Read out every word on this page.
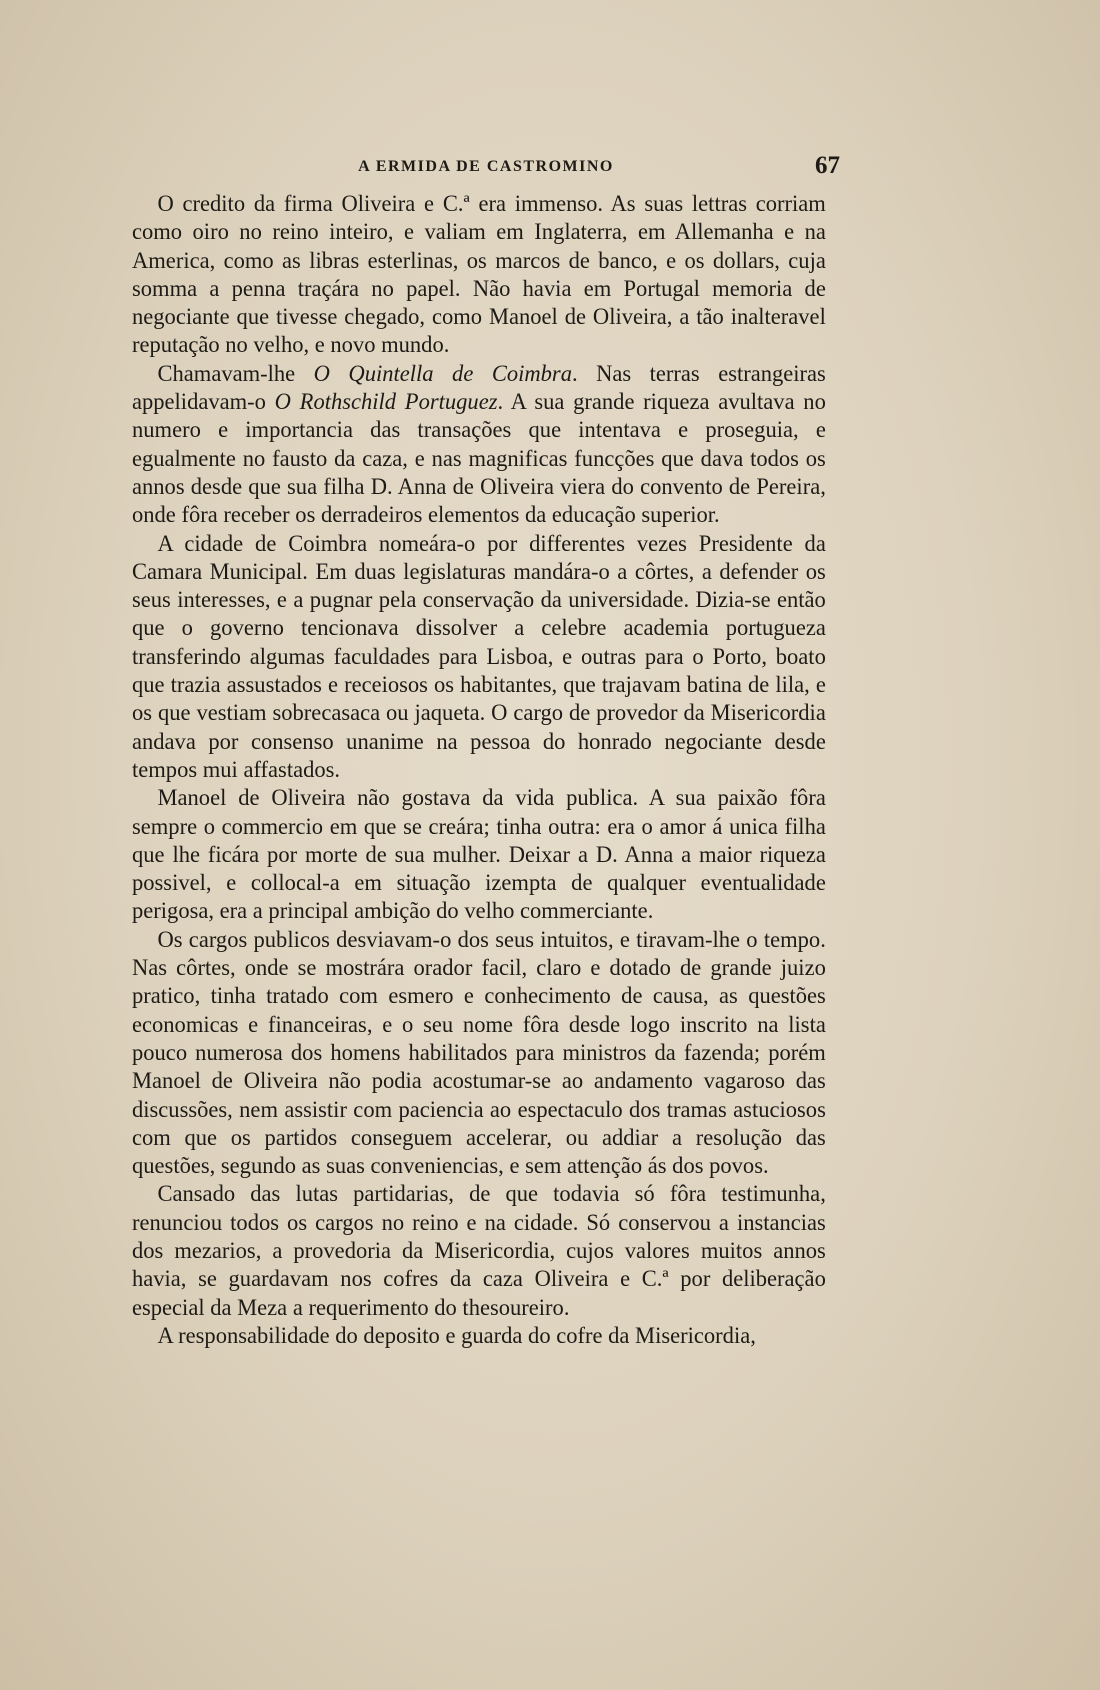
A ERMIDA DE CASTROMINO	67

O credito da firma Oliveira e C.ª era immenso. As suas lettras corriam como oiro no reino inteiro, e valiam em Inglaterra, em Allemanha e na America, como as libras esterlinas, os marcos de banco, e os dollars, cuja somma a penna traçára no papel. Não havia em Portugal memoria de negociante que tivesse chegado, como Manoel de Oliveira, a tão inalteravel reputação no velho, e novo mundo.

Chamavam-lhe O Quintella de Coimbra. Nas terras estrangeiras appelidavam-o O Rothschild Portuguez. A sua grande riqueza avultava no numero e importancia das transações que intentava e proseguia, e egualmente no fausto da caza, e nas magnificas funcções que dava todos os annos desde que sua filha D. Anna de Oliveira viera do convento de Pereira, onde fôra receber os derradeiros elementos da educação superior.

A cidade de Coimbra nomeára-o por differentes vezes Presidente da Camara Municipal. Em duas legislaturas mandára-o a côrtes, a defender os seus interesses, e a pugnar pela conservação da universidade. Dizia-se então que o governo tencionava dissolver a celebre academia portugueza transferindo algumas faculdades para Lisboa, e outras para o Porto, boato que trazia assustados e receiosos os habitantes, que trajavam batina de lila, e os que vestiam sobrecasaca ou jaqueta. O cargo de provedor da Misericordia andava por consenso unanime na pessoa do honrado negociante desde tempos mui affastados.

Manoel de Oliveira não gostava da vida publica. A sua paixão fôra sempre o commercio em que se creára; tinha outra: era o amor á unica filha que lhe ficára por morte de sua mulher. Deixar a D. Anna a maior riqueza possivel, e collocal-a em situação izempta de qualquer eventualidade perigosa, era a principal ambição do velho commerciante.

Os cargos publicos desviavam-o dos seus intuitos, e tiravam-lhe o tempo. Nas côrtes, onde se mostrára orador facil, claro e dotado de grande juizo pratico, tinha tratado com esmero e conhecimento de causa, as questões economicas e financeiras, e o seu nome fôra desde logo inscrito na lista pouco numerosa dos homens habilitados para ministros da fazenda; porém Manoel de Oliveira não podia acostumar-se ao andamento vagaroso das discussões, nem assistir com paciencia ao espectaculo dos tramas astuciosos com que os partidos conseguem accelerar, ou addiar a resolução das questões, segundo as suas conveniencias, e sem attenção ás dos povos.

Cansado das lutas partidarias, de que todavia só fôra testimunha, renunciou todos os cargos no reino e na cidade. Só conservou a instancias dos mezarios, a provedoria da Misericordia, cujos valores muitos annos havia, se guardavam nos cofres da caza Oliveira e C.ª por deliberação especial da Meza a requerimento do thesoureiro.

A responsabilidade do deposito e guarda do cofre da Misericordia,
